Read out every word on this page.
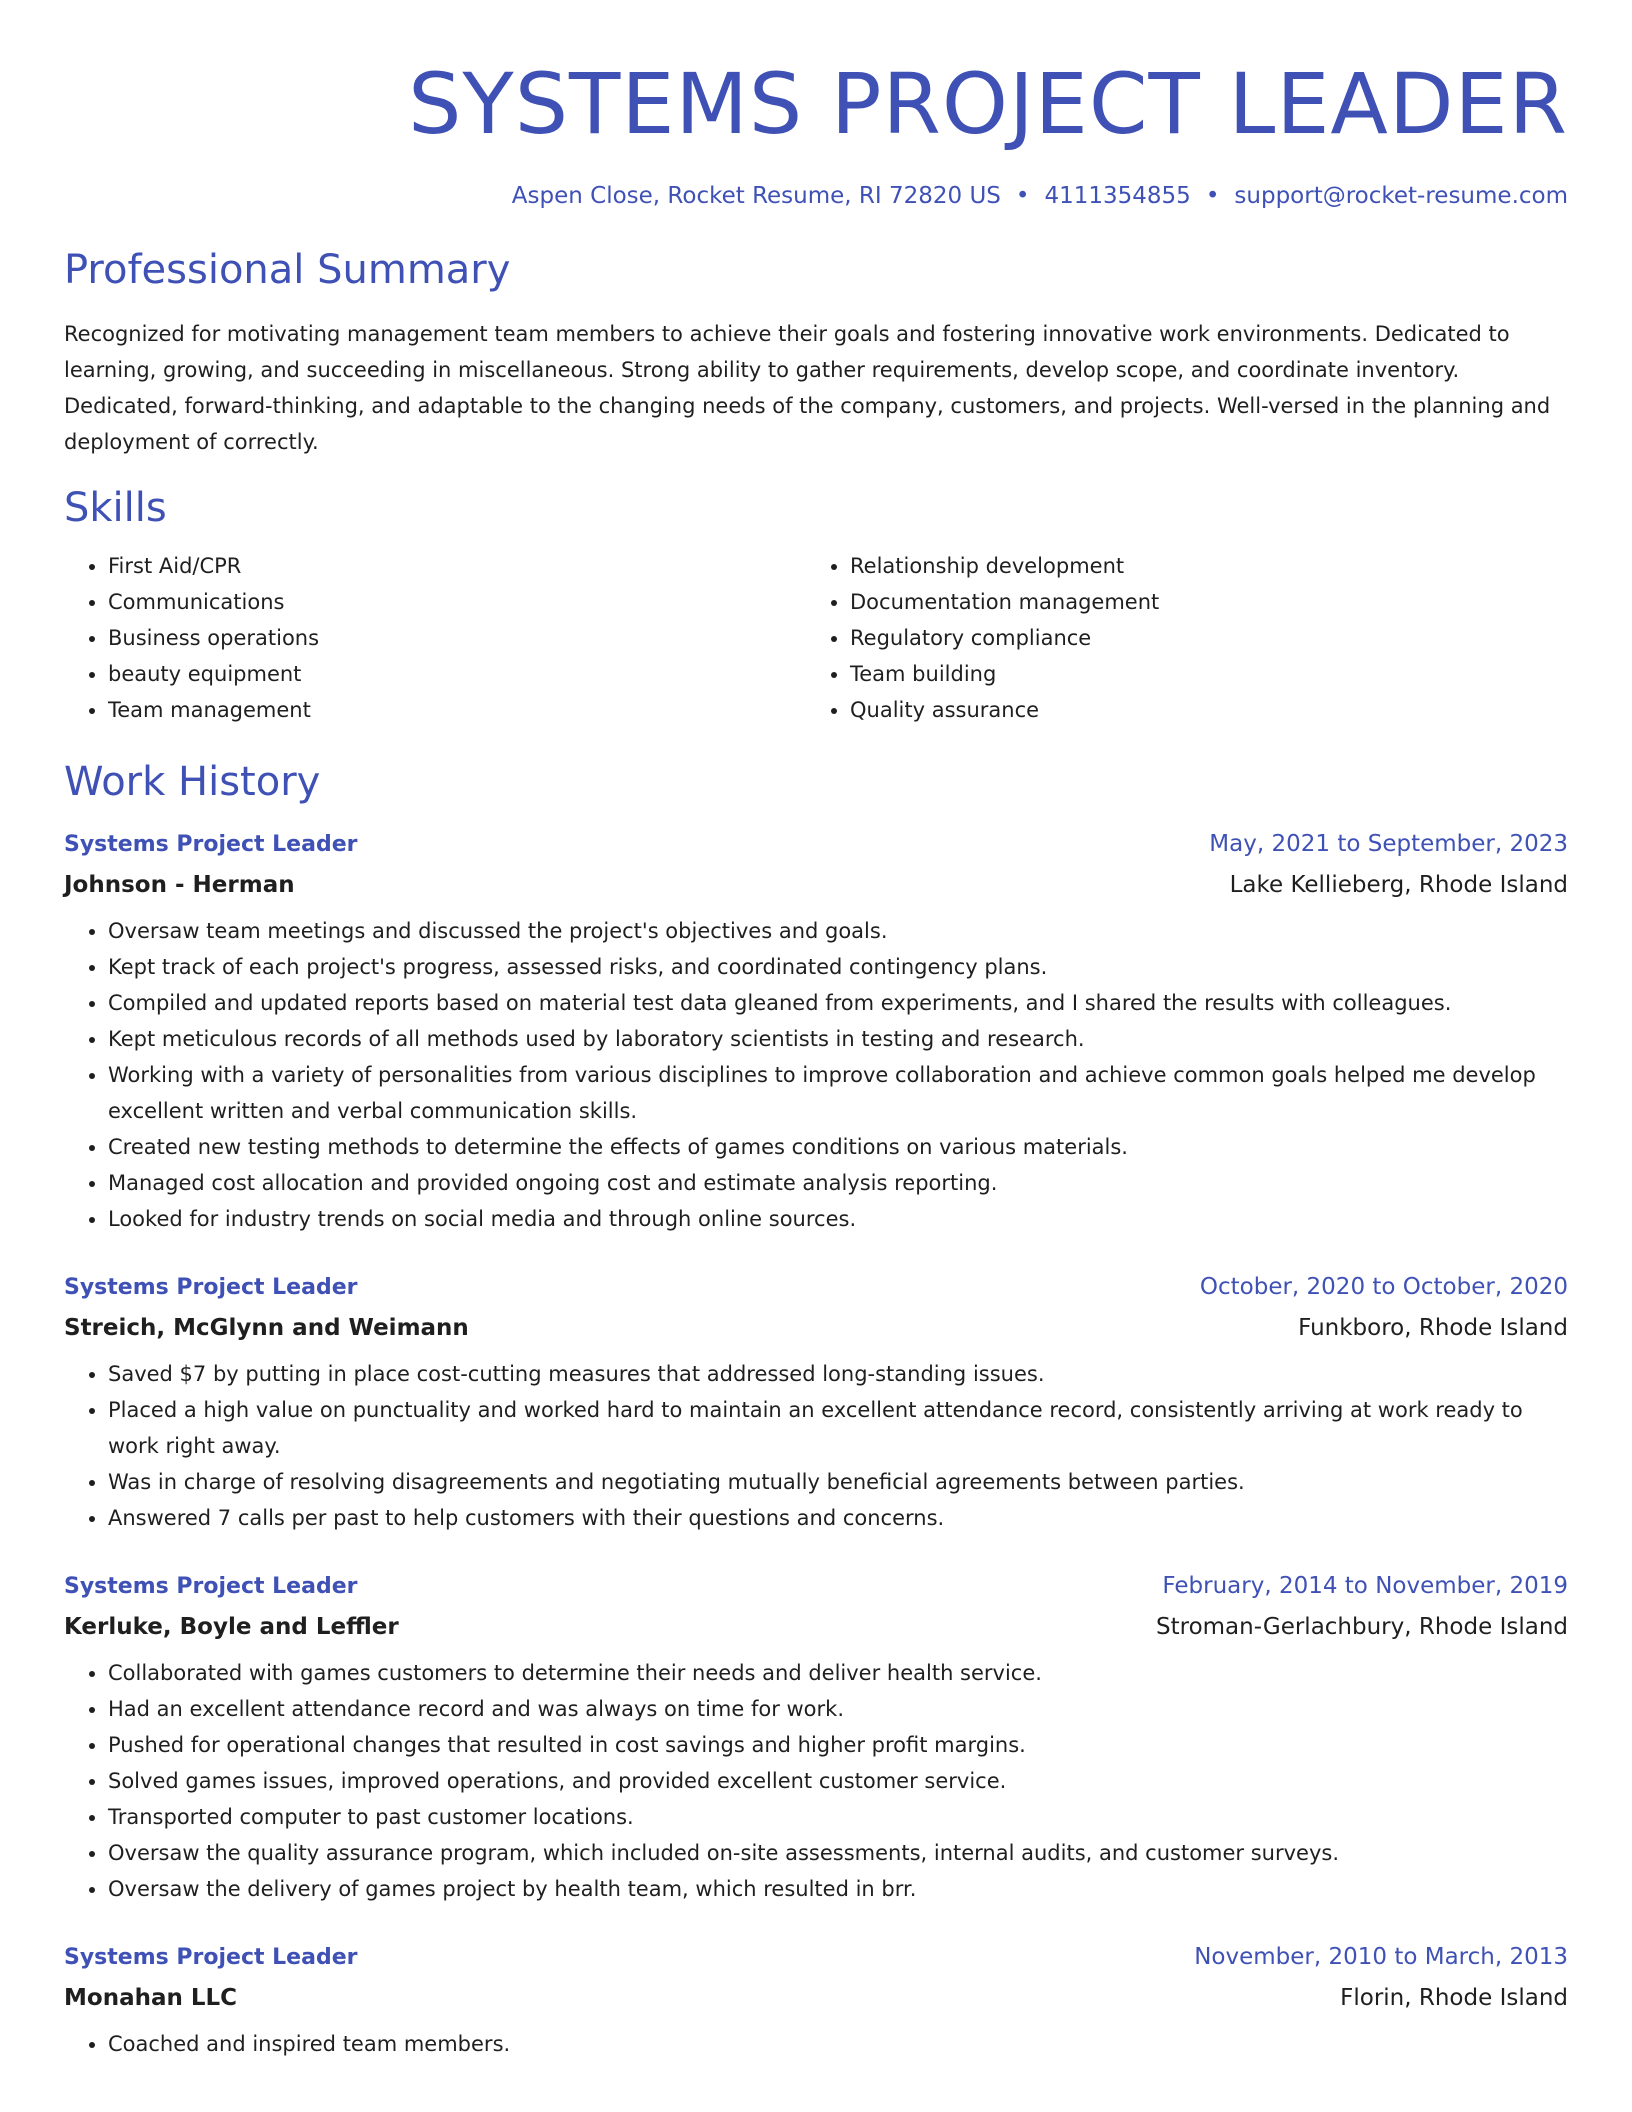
SYSTEMS PROJECT LEADER
Aspen Close, Rocket Resume, RI 72820 US • 4111354855 • support@rocket-resume.com
Professional Summary

Recognized for motivating management team members to achieve their goals and fostering innovative work environments. Dedicated to learning, growing, and succeeding in miscellaneous. Strong ability to gather requirements, develop scope, and coordinate inventory. Dedicated, forward-thinking, and adaptable to the changing needs of the company, customers, and projects. Well-versed in the planning and deployment of correctly.

Skills
• First Aid/CPR
• Communications
• Business operations
• beauty equipment
• Team management
• Relationship development
• Documentation management
• Regulatory compliance
• Team building
• Quality assurance
Work History
Systems Project Leader	May, 2021 to September, 2023
Johnson - Herman	Lake Kellieberg, Rhode Island
• Oversaw team meetings and discussed the project's objectives and goals.
• Kept track of each project's progress, assessed risks, and coordinated contingency plans.
• Compiled and updated reports based on material test data gleaned from experiments, and I shared the results with colleagues.
• Kept meticulous records of all methods used by laboratory scientists in testing and research.
• Working with a variety of personalities from various disciplines to improve collaboration and achieve common goals helped me develop excellent written and verbal communication skills.
• Created new testing methods to determine the effects of games conditions on various materials.
• Managed cost allocation and provided ongoing cost and estimate analysis reporting.
• Looked for industry trends on social media and through online sources.
Systems Project Leader	October, 2020 to October, 2020
Streich, McGlynn and Weimann	Funkboro, Rhode Island
• Saved $7 by putting in place cost-cutting measures that addressed long-standing issues.
• Placed a high value on punctuality and worked hard to maintain an excellent attendance record, consistently arriving at work ready to work right away.
• Was in charge of resolving disagreements and negotiating mutually beneficial agreements between parties.
• Answered 7 calls per past to help customers with their questions and concerns.
Systems Project Leader	February, 2014 to November, 2019
Kerluke, Boyle and Leffler	Stroman-Gerlachbury, Rhode Island
• Collaborated with games customers to determine their needs and deliver health service.
• Had an excellent attendance record and was always on time for work.
• Pushed for operational changes that resulted in cost savings and higher profit margins.
• Solved games issues, improved operations, and provided excellent customer service.
• Transported computer to past customer locations.
• Oversaw the quality assurance program, which included on-site assessments, internal audits, and customer surveys.
• Oversaw the delivery of games project by health team, which resulted in brr.
Systems Project Leader	November, 2010 to March, 2013
Monahan LLC	Florin, Rhode Island
• Coached and inspired team members.
